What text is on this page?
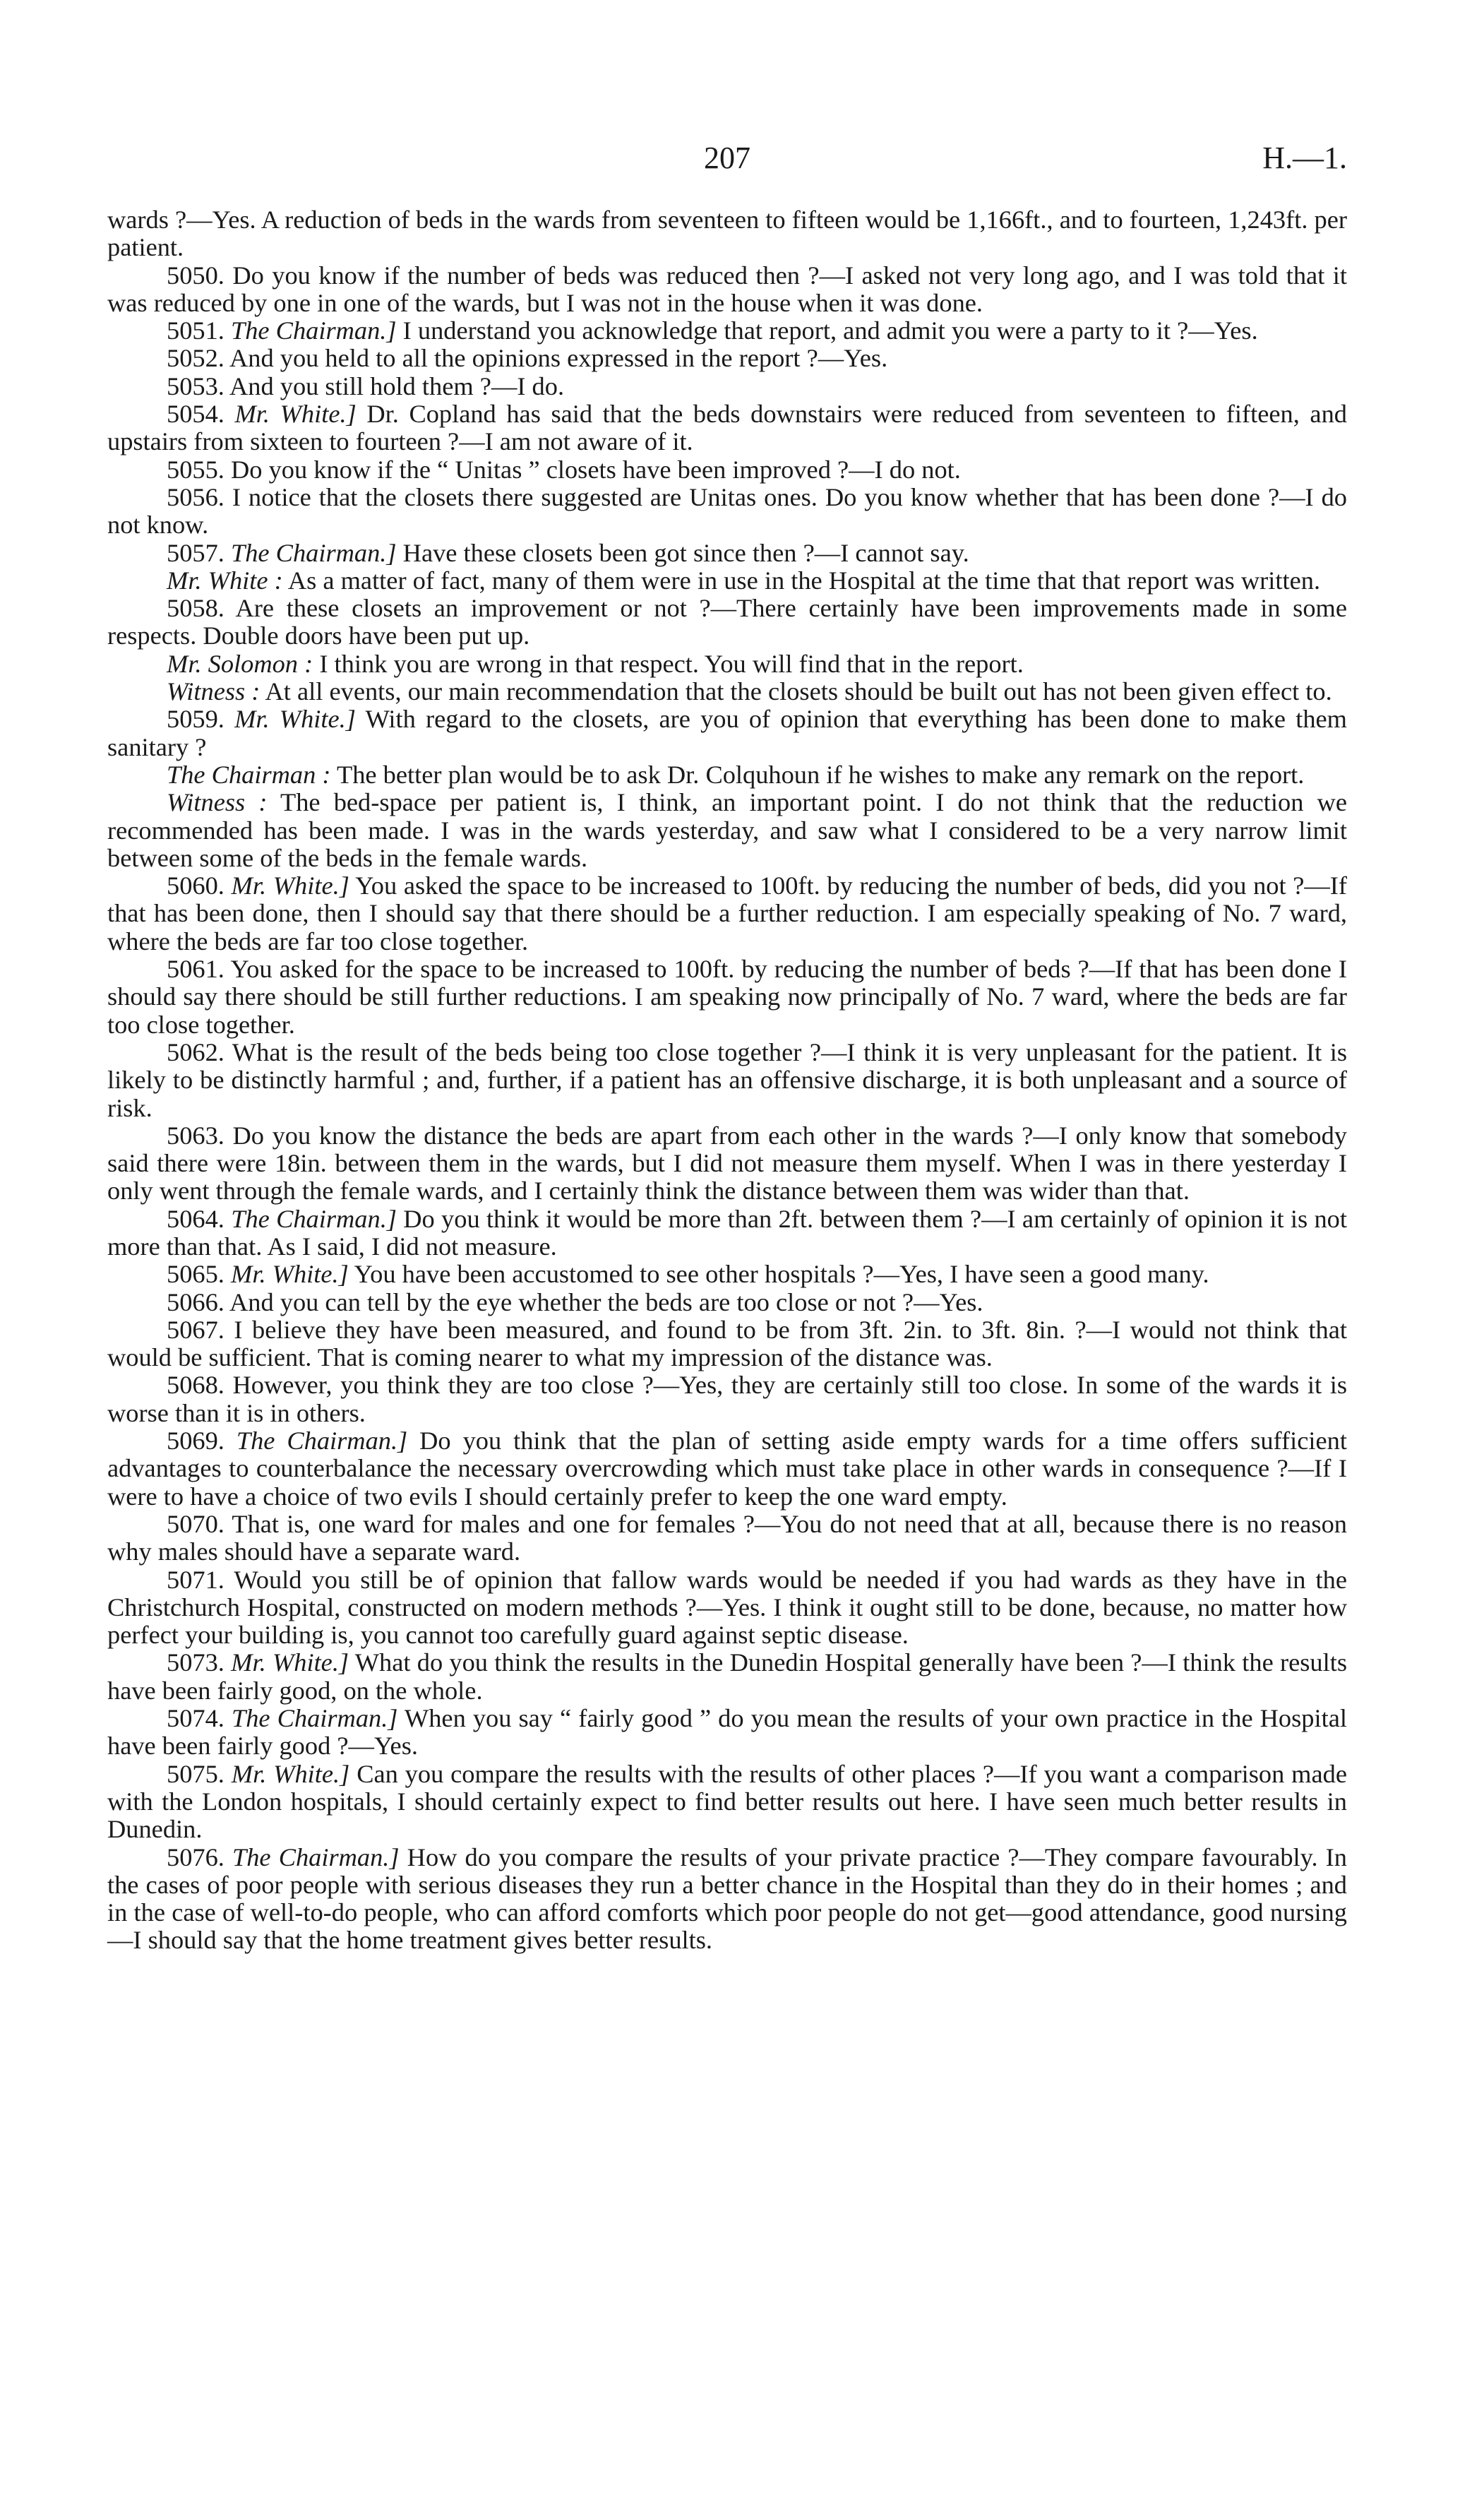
207	H.—1.

wards ?—Yes. A reduction of beds in the wards from seventeen to fifteen would be 1,166ft., and to fourteen, 1,243ft. per patient.

5050. Do you know if the number of beds was reduced then ?—I asked not very long ago, and I was told that it was reduced by one in one of the wards, but I was not in the house when it was done.

5051. The Chairman.] I understand you acknowledge that report, and admit you were a party to it ?—Yes.

5052. And you held to all the opinions expressed in the report ?—Yes.

5053. And you still hold them ?—I do.

5054. Mr. White.] Dr. Copland has said that the beds downstairs were reduced from seventeen to fifteen, and upstairs from sixteen to fourteen ?—I am not aware of it.

5055. Do you know if the “ Unitas ” closets have been improved ?—I do not.

5056. I notice that the closets there suggested are Unitas ones. Do you know whether that has been done ?—I do not know.

5057. The Chairman.] Have these closets been got since then ?—I cannot say.

Mr. White : As a matter of fact, many of them were in use in the Hospital at the time that that report was written.

5058. Are these closets an improvement or not ?—There certainly have been improvements made in some respects. Double doors have been put up.

Mr. Solomon : I think you are wrong in that respect. You will find that in the report.

Witness : At all events, our main recommendation that the closets should be built out has not been given effect to.

5059. Mr. White.] With regard to the closets, are you of opinion that everything has been done to make them sanitary ?

The Chairman : The better plan would be to ask Dr. Colquhoun if he wishes to make any remark on the report.

Witness : The bed-space per patient is, I think, an important point. I do not think that the reduction we recommended has been made. I was in the wards yesterday, and saw what I considered to be a very narrow limit between some of the beds in the female wards.

5060. Mr. White.] You asked the space to be increased to 100ft. by reducing the number of beds, did you not ?—If that has been done, then I should say that there should be a further reduction. I am especially speaking of No. 7 ward, where the beds are far too close together.

5061. You asked for the space to be increased to 100ft. by reducing the number of beds ?—If that has been done I should say there should be still further reductions. I am speaking now principally of No. 7 ward, where the beds are far too close together.

5062. What is the result of the beds being too close together ?—I think it is very unpleasant for the patient. It is likely to be distinctly harmful ; and, further, if a patient has an offensive discharge, it is both unpleasant and a source of risk.

5063. Do you know the distance the beds are apart from each other in the wards ?—I only know that somebody said there were 18in. between them in the wards, but I did not measure them myself. When I was in there yesterday I only went through the female wards, and I certainly think the distance between them was wider than that.

5064. The Chairman.] Do you think it would be more than 2ft. between them ?—I am certainly of opinion it is not more than that. As I said, I did not measure.

5065. Mr. White.] You have been accustomed to see other hospitals ?—Yes, I have seen a good many.

5066. And you can tell by the eye whether the beds are too close or not ?—Yes.

5067. I believe they have been measured, and found to be from 3ft. 2in. to 3ft. 8in. ?—I would not think that would be sufficient. That is coming nearer to what my impression of the distance was.

5068. However, you think they are too close ?—Yes, they are certainly still too close. In some of the wards it is worse than it is in others.

5069. The Chairman.] Do you think that the plan of setting aside empty wards for a time offers sufficient advantages to counterbalance the necessary overcrowding which must take place in other wards in consequence ?—If I were to have a choice of two evils I should certainly prefer to keep the one ward empty.

5070. That is, one ward for males and one for females ?—You do not need that at all, because there is no reason why males should have a separate ward.

5071. Would you still be of opinion that fallow wards would be needed if you had wards as they have in the Christchurch Hospital, constructed on modern methods ?—Yes. I think it ought still to be done, because, no matter how perfect your building is, you cannot too carefully guard against septic disease.

5073. Mr. White.] What do you think the results in the Dunedin Hospital generally have been ?—I think the results have been fairly good, on the whole.

5074. The Chairman.] When you say “ fairly good ” do you mean the results of your own practice in the Hospital have been fairly good ?—Yes.

5075. Mr. White.] Can you compare the results with the results of other places ?—If you want a comparison made with the London hospitals, I should certainly expect to find better results out here. I have seen much better results in Dunedin.

5076. The Chairman.] How do you compare the results of your private practice ?—They compare favourably. In the cases of poor people with serious diseases they run a better chance in the Hospital than they do in their homes ; and in the case of well-to-do people, who can afford comforts which poor people do not get—good attendance, good nursing—I should say that the home treatment gives better results.
